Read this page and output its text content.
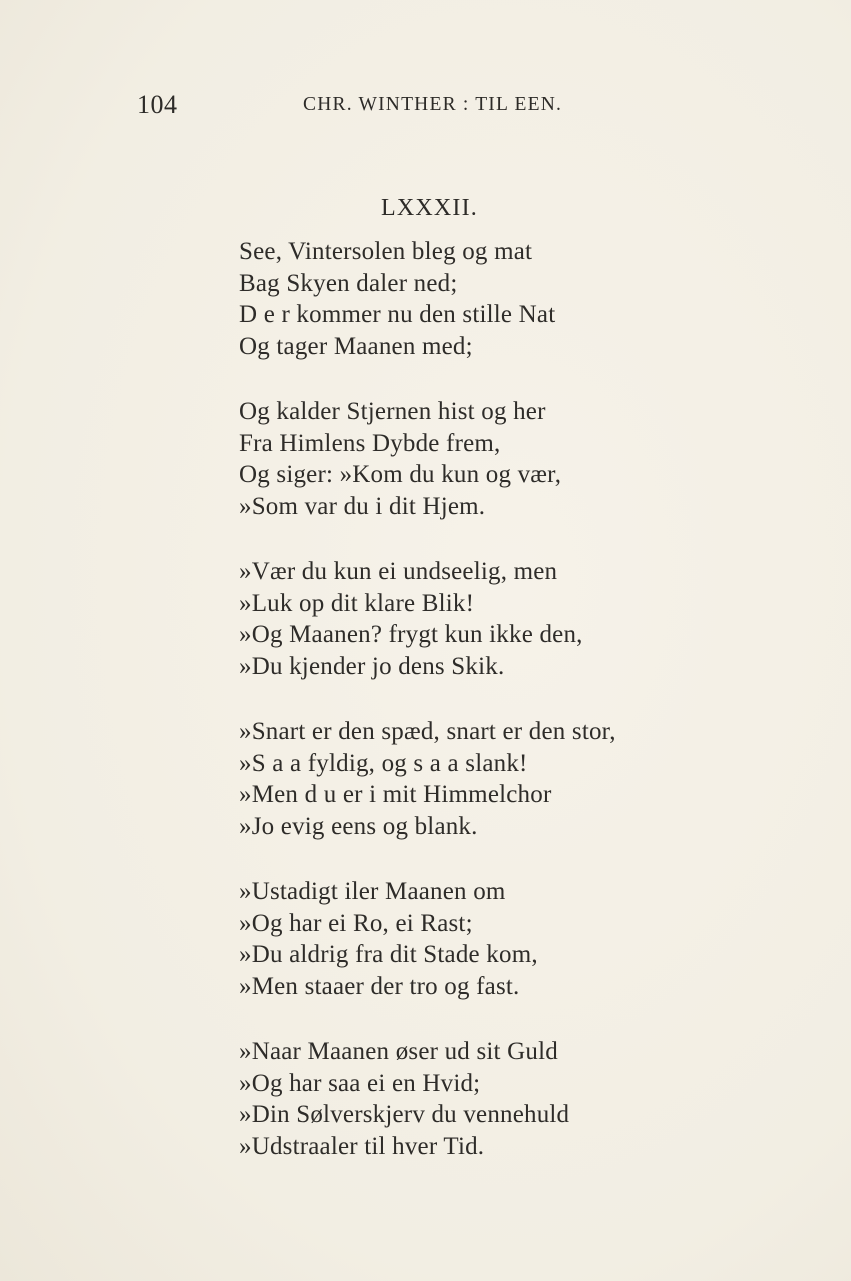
104	CHR. WINTHER : TIL EEN.
LXXXII.
See, Vintersolen bleg og mat
Bag Skyen daler ned;
D e r kommer nu den stille Nat
Og tager Maanen med;
Og kalder Stjernen hist og her
Fra Himlens Dybde frem,
Og siger: »Kom du kun og vær,
»Som var du i dit Hjem.
»Vær du kun ei undseelig, men
»Luk op dit klare Blik!
»Og Maanen? frygt kun ikke den,
»Du kjender jo dens Skik.
»Snart er den spæd, snart er den stor,
»S a a fyldig, og s a a slank!
»Men d u er i mit Himmelchor
»Jo evig eens og blank.
»Ustadigt iler Maanen om
»Og har ei Ro, ei Rast;
»Du aldrig fra dit Stade kom,
»Men staaer der tro og fast.
»Naar Maanen øser ud sit Guld
»Og har saa ei en Hvid;
»Din Sølverskjerv du vennehuld
»Udstraaler til hver Tid.
